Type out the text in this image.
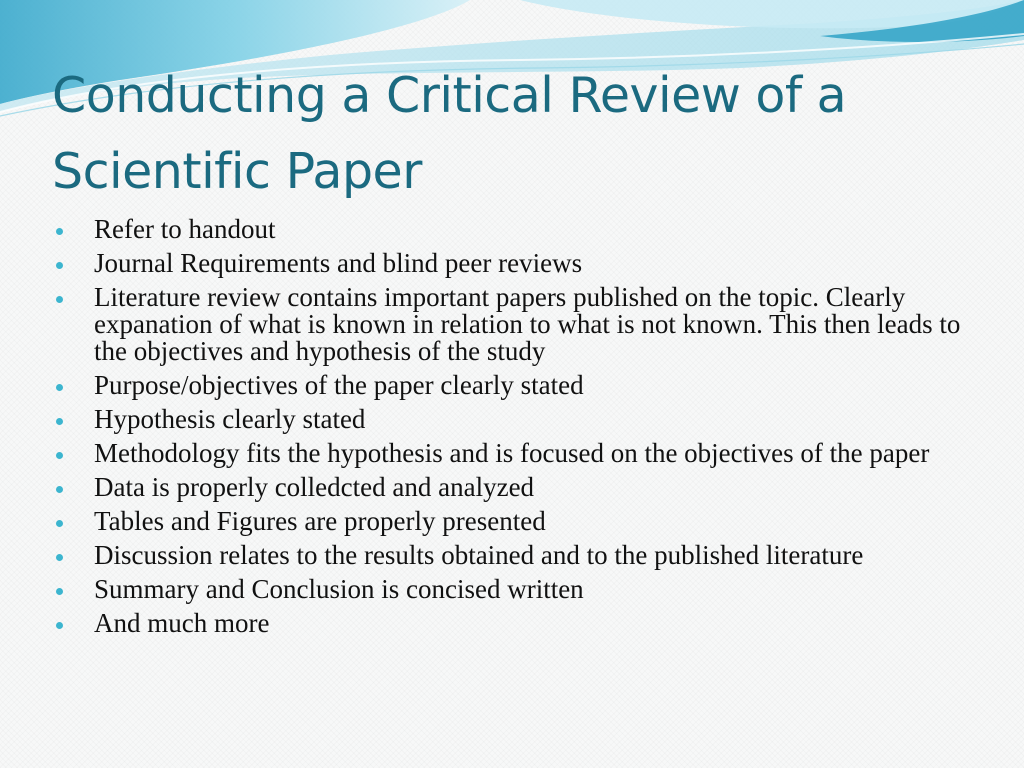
Conducting a Critical Review of a Scientific Paper
Refer to handout
Journal Requirements and blind peer reviews
Literature review contains important papers published on the topic. Clearly expanation of what is known in relation to what is not known. This then leads to the objectives and hypothesis of the study
Purpose/objectives of the paper clearly stated
Hypothesis clearly stated
Methodology fits the hypothesis and is focused on the objectives of the paper
Data is properly colledcted and analyzed
Tables and Figures are properly presented
Discussion relates to the results obtained and to the published literature
Summary and Conclusion is concised written
And much more
